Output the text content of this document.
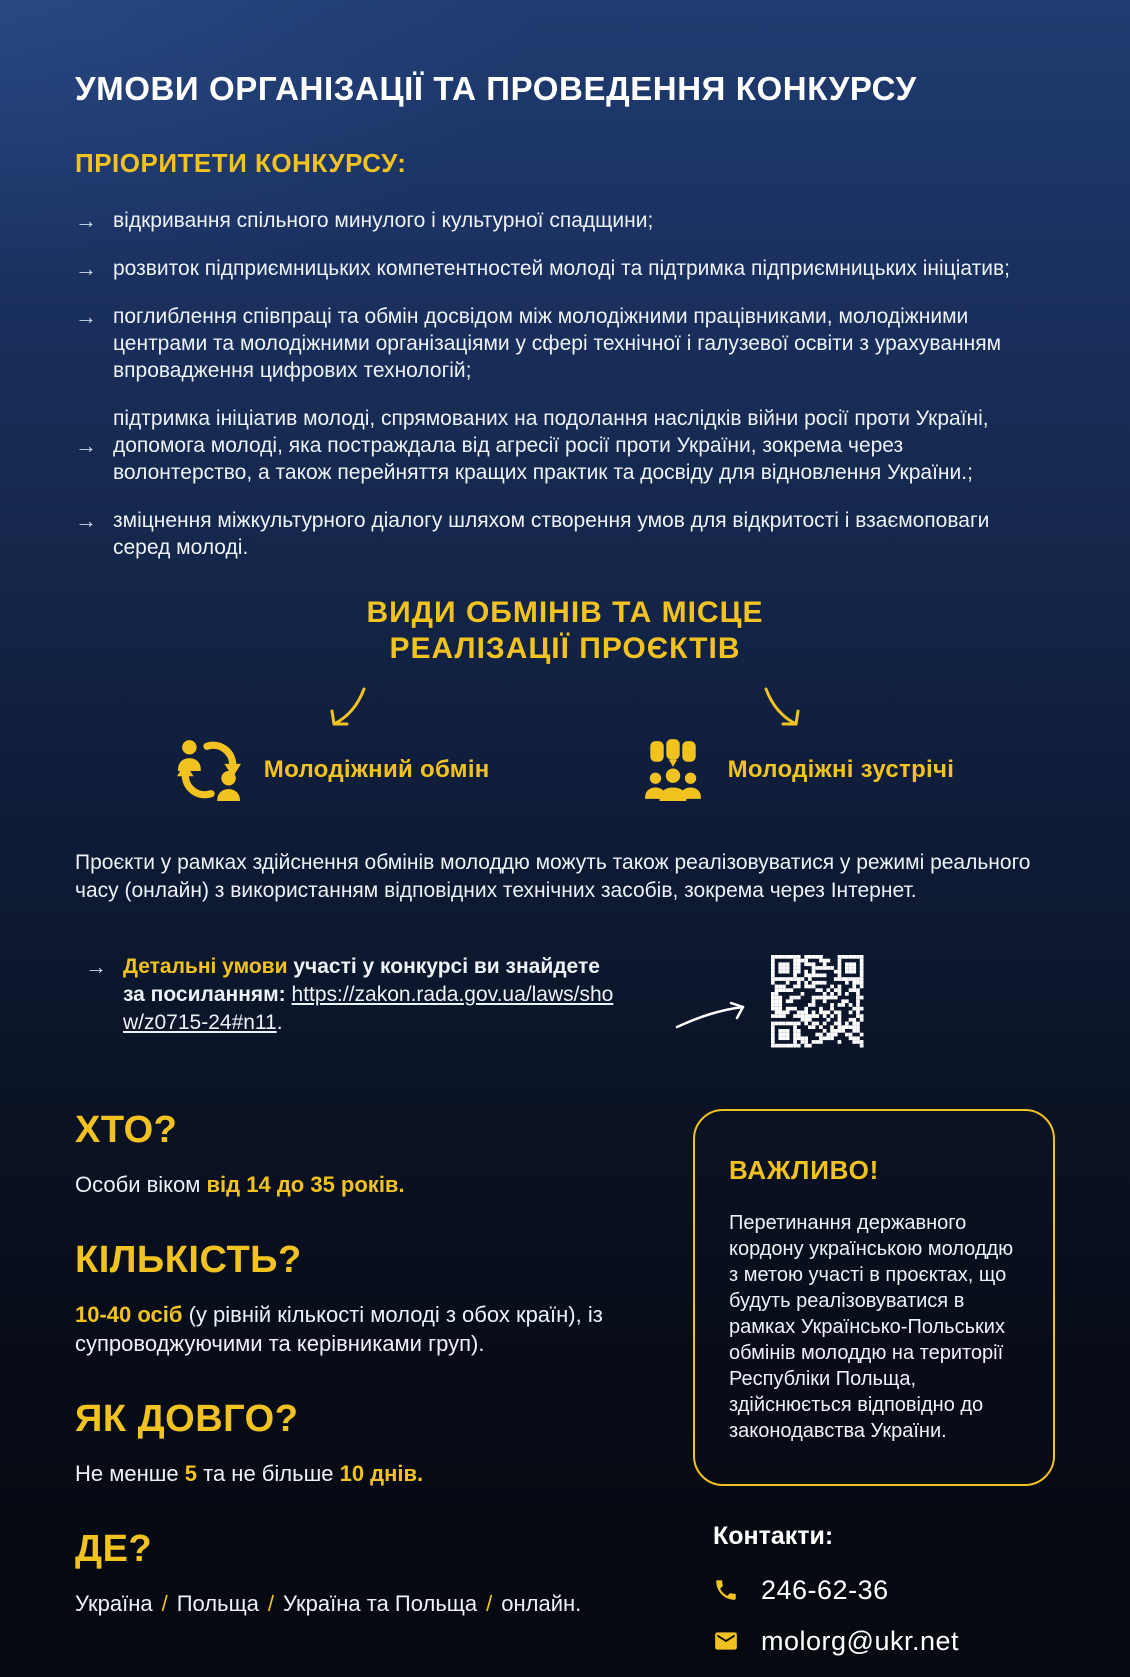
УМОВИ ОРГАНІЗАЦІЇ ТА ПРОВЕДЕННЯ КОНКУРСУ
ПРІОРИТЕТИ КОНКУРСУ:
→ відкривання спільного минулого і культурної спадщини;
→ розвиток підприємницьких компетентностей молоді та підтримка підприємницьких ініціатив;
→ поглиблення співпраці та обмін досвідом між молодіжними працівниками, молодіжними центрами та молодіжними організаціями у сфері технічної і галузевої освіти з урахуванням впровадження цифрових технологій;
→
підтримка ініціатив молоді, спрямованих на подолання наслідків війни росії проти Україні, допомога молоді, яка постраждала від агресії росії проти України, зокрема через волонтерство, а також перейняття кращих практик та досвіду для відновлення України.;
→ зміцнення міжкультурного діалогу шляхом створення умов для відкритості і взаємоповаги серед молоді.
ВИДИ ОБМІНІВ ТА МІСЦЕ
РЕАЛІЗАЦІЇ ПРОЄКТІВ
Молодіжний обмін	Молодіжні зустрічі

Проєкти у рамках здійснення обмінів молоддю можуть також реалізовуватися у режимі реального часу (онлайн) з використанням відповідних технічних засобів, зокрема через Інтернет.

→ Детальні умови участі у конкурсі ви знайдете за посиланням: https://zakon.rada.gov.ua/laws/show/z0715-24#n11.
ХТО?
Особи віком від 14 до 35 років.
КІЛЬКІСТЬ?
10-40 осіб (у рівній кількості молоді з обох країн), із супроводжуючими та керівниками груп).
ЯК ДОВГО?
Не менше 5 та не більше 10 днів.
ДЕ?
Україна / Польща / Україна та Польща / онлайн.
ВАЖЛИВО!
Перетинання державного кордону українською молоддю з метою участі в проєктах, що будуть реалізовуватися в рамках Українсько-Польських обмінів молоддю на території Республіки Польща, здійснюється відповідно до законодавства України.
Контакти:
246-62-36
molorg@ukr.net
